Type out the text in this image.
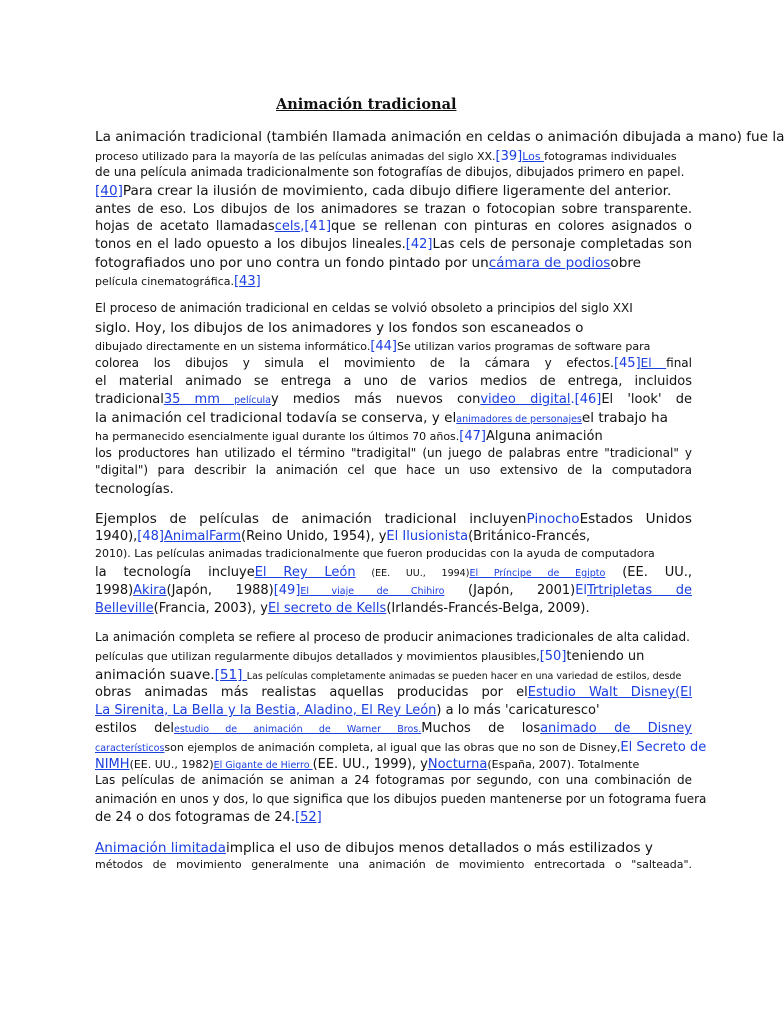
Animación tradicional
La animación tradicional (también llamada animación en celdas o animación dibujada a mano) fue la
proceso utilizado para la mayoría de las películas animadas del siglo XX.[39]Los fotogramas individuales
de una película animada tradicionalmente son fotografías de dibujos, dibujados primero en papel.
[40]Para crear la ilusión de movimiento, cada dibujo difiere ligeramente del anterior.
antes de eso. Los dibujos de los animadores se trazan o fotocopian sobre transparente.
hojas de acetato llamadascels,[41]que se rellenan con pinturas en colores asignados o
tonos en el lado opuesto a los dibujos lineales.[42]Las cels de personaje completadas son
fotografiados uno por uno contra un fondo pintado por uncámara de podiosobre
película cinematográfica.[43]
El proceso de animación tradicional en celdas se volvió obsoleto a principios del siglo XXI
siglo. Hoy, los dibujos de los animadores y los fondos son escaneados o
dibujado directamente en un sistema informático.[44]Se utilizan varios programas de software para
colorea los dibujos y simula el movimiento de la cámara y efectos.[45]El final
el material animado se entrega a uno de varios medios de entrega, incluidos
tradicional35 mm películay medios más nuevos convideo digital.[46]El 'look' de
la animación cel tradicional todavía se conserva, y elanimadores de personajesel trabajo ha
ha permanecido esencialmente igual durante los últimos 70 años.[47]Alguna animación
los productores han utilizado el término "tradigital" (un juego de palabras entre "tradicional" y
"digital") para describir la animación cel que hace un uso extensivo de la computadora
tecnologías.
Ejemplos de películas de animación tradicional incluyenPinochoEstados Unidos
1940),[48]AnimalFarm(Reino Unido, 1954), yEl Ilusionista(Británico-Francés,
2010). Las películas animadas tradicionalmente que fueron producidas con la ayuda de computadora
la tecnología incluyeEl Rey León (EE. UU., 1994)El Príncipe de Egipto (EE. UU.,
1998)Akira(Japón, 1988)[49]El viaje de Chihiro (Japón, 2001)ElTrtripletas de
Belleville(Francia, 2003), yEl secreto de Kells(Irlandés-Francés-Belga, 2009).
La animación completa se refiere al proceso de producir animaciones tradicionales de alta calidad.
películas que utilizan regularmente dibujos detallados y movimientos plausibles,[50]teniendo un
animación suave.[51] Las películas completamente animadas se pueden hacer en una variedad de estilos, desde
obras animadas más realistas aquellas producidas por elEstudio Walt Disney(El
La Sirenita, La Bella y la Bestia, Aladino, El Rey León) a lo más 'caricaturesco'
estilos delestudio de animación de Warner Bros.Muchos de losanimado de Disney
característicosson ejemplos de animación completa, al igual que las obras que no son de Disney,El Secreto de
NIMH(EE. UU., 1982)El Gigante de Hierro (EE. UU., 1999), yNocturna(España, 2007). Totalmente
Las películas de animación se animan a 24 fotogramas por segundo, con una combinación de
animación en unos y dos, lo que significa que los dibujos pueden mantenerse por un fotograma fuera
de 24 o dos fotogramas de 24.[52]
Animación limitadaimplica el uso de dibujos menos detallados o más estilizados y
métodos de movimiento generalmente una animación de movimiento entrecortada o "salteada".
